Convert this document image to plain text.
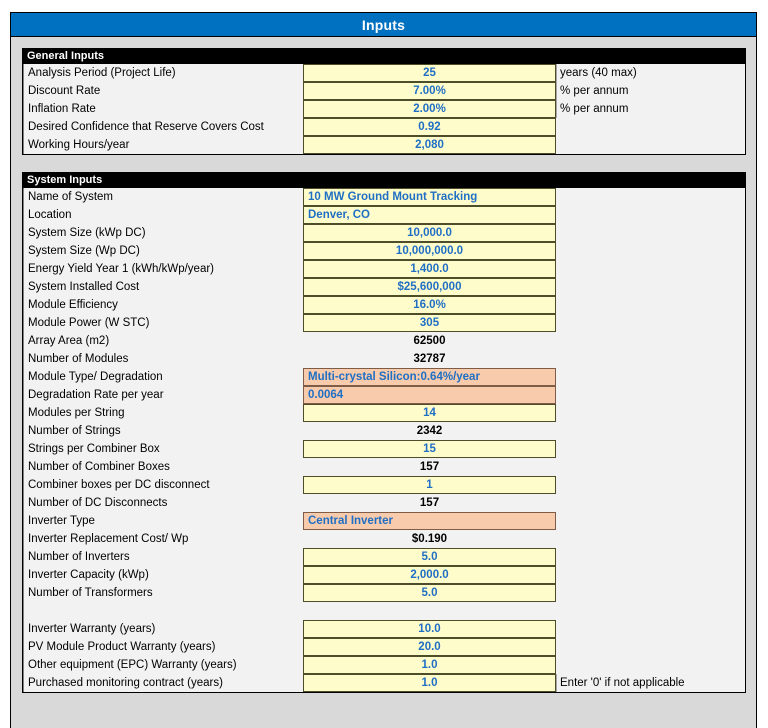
Inputs
General Inputs
Analysis Period (Project Life)	25	years (40 max)
Discount Rate	7.00%	% per annum
Inflation Rate	2.00%	% per annum
Desired Confidence that Reserve Covers Cost	0.92
Working Hours/year	2,080
System Inputs
Name of System	10 MW Ground Mount Tracking
Location	Denver, CO
System Size (kWp DC)	10,000.0
System Size (Wp DC)	10,000,000.0
Energy Yield Year 1 (kWh/kWp/year)	1,400.0
System Installed Cost	$25,600,000
Module Efficiency	16.0%
Module Power (W STC)	305
Array Area (m2)	62500
Number of Modules	32787
Module Type/ Degradation	Multi-crystal Silicon:0.64%/year
Degradation Rate per year	0.0064
Modules per String	14
Number of Strings	2342
Strings per Combiner Box	15
Number of Combiner Boxes	157
Combiner boxes per DC disconnect	1
Number of DC Disconnects	157
Inverter Type	Central Inverter
Inverter Replacement Cost/ Wp	$0.190
Number of Inverters	5.0
Inverter Capacity (kWp)	2,000.0
Number of Transformers	5.0
Inverter Warranty (years)	10.0
PV Module Product Warranty (years)	20.0
Other equipment (EPC) Warranty (years)	1.0
Purchased monitoring contract (years)	1.0	Enter '0' if not applicable
